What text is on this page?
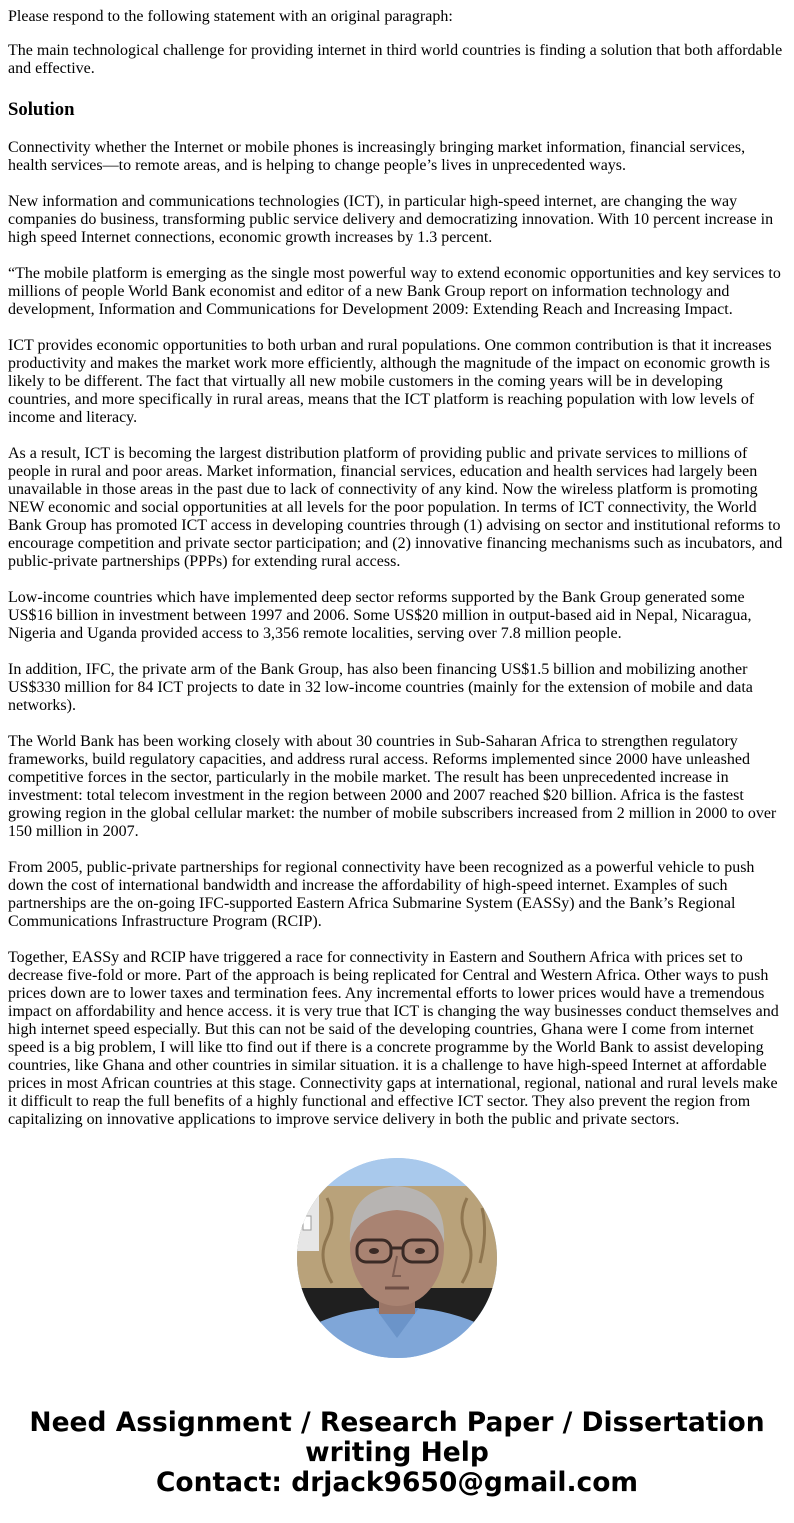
Please respond to the following statement with an original paragraph:

The main technological challenge for providing internet in third world countries is finding a solution that both affordable and effective.

Solution

Connectivity whether the Internet or mobile phones is increasingly bringing market information, financial services, health services—to remote areas, and is helping to change people’s lives in unprecedented ways.

New information and communications technologies (ICT), in particular high-speed internet, are changing the way companies do business, transforming public service delivery and democratizing innovation. With 10 percent increase in high speed Internet connections, economic growth increases by 1.3 percent.

“The mobile platform is emerging as the single most powerful way to extend economic opportunities and key services to millions of people World Bank economist and editor of a new Bank Group report on information technology and development, Information and Communications for Development 2009: Extending Reach and Increasing Impact.

ICT provides economic opportunities to both urban and rural populations. One common contribution is that it increases productivity and makes the market work more efficiently, although the magnitude of the impact on economic growth is likely to be different. The fact that virtually all new mobile customers in the coming years will be in developing countries, and more specifically in rural areas, means that the ICT platform is reaching population with low levels of income and literacy.

As a result, ICT is becoming the largest distribution platform of providing public and private services to millions of people in rural and poor areas. Market information, financial services, education and health services had largely been unavailable in those areas in the past due to lack of connectivity of any kind. Now the wireless platform is promoting NEW economic and social opportunities at all levels for the poor population. In terms of ICT connectivity, the World Bank Group has promoted ICT access in developing countries through (1) advising on sector and institutional reforms to encourage competition and private sector participation; and (2) innovative financing mechanisms such as incubators, and public-private partnerships (PPPs) for extending rural access.

Low-income countries which have implemented deep sector reforms supported by the Bank Group generated some US$16 billion in investment between 1997 and 2006. Some US$20 million in output-based aid in Nepal, Nicaragua, Nigeria and Uganda provided access to 3,356 remote localities, serving over 7.8 million people.

In addition, IFC, the private arm of the Bank Group, has also been financing US$1.5 billion and mobilizing another US$330 million for 84 ICT projects to date in 32 low-income countries (mainly for the extension of mobile and data networks).

The World Bank has been working closely with about 30 countries in Sub-Saharan Africa to strengthen regulatory frameworks, build regulatory capacities, and address rural access. Reforms implemented since 2000 have unleashed competitive forces in the sector, particularly in the mobile market. The result has been unprecedented increase in investment: total telecom investment in the region between 2000 and 2007 reached $20 billion. Africa is the fastest growing region in the global cellular market: the number of mobile subscribers increased from 2 million in 2000 to over 150 million in 2007.

From 2005, public-private partnerships for regional connectivity have been recognized as a powerful vehicle to push down the cost of international bandwidth and increase the affordability of high-speed internet. Examples of such partnerships are the on-going IFC-supported Eastern Africa Submarine System (EASSy) and the Bank’s Regional Communications Infrastructure Program (RCIP).

Together, EASSy and RCIP have triggered a race for connectivity in Eastern and Southern Africa with prices set to decrease five-fold or more. Part of the approach is being replicated for Central and Western Africa. Other ways to push prices down are to lower taxes and termination fees. Any incremental efforts to lower prices would have a tremendous impact on affordability and hence access. it is very true that ICT is changing the way businesses conduct themselves and high internet speed especially. But this can not be said of the developing countries, Ghana were I come from internet speed is a big problem, I will like tto find out if there is a concrete programme by the World Bank to assist developing countries, like Ghana and other countries in similar situation. it is a challenge to have high-speed Internet at affordable prices in most African countries at this stage. Connectivity gaps at international, regional, national and rural levels make it difficult to reap the full benefits of a highly functional and effective ICT sector. They also prevent the region from capitalizing on innovative applications to improve service delivery in both the public and private sectors.

Need Assignment / Research Paper / Dissertation
writing Help
Contact: drjack9650@gmail.com
